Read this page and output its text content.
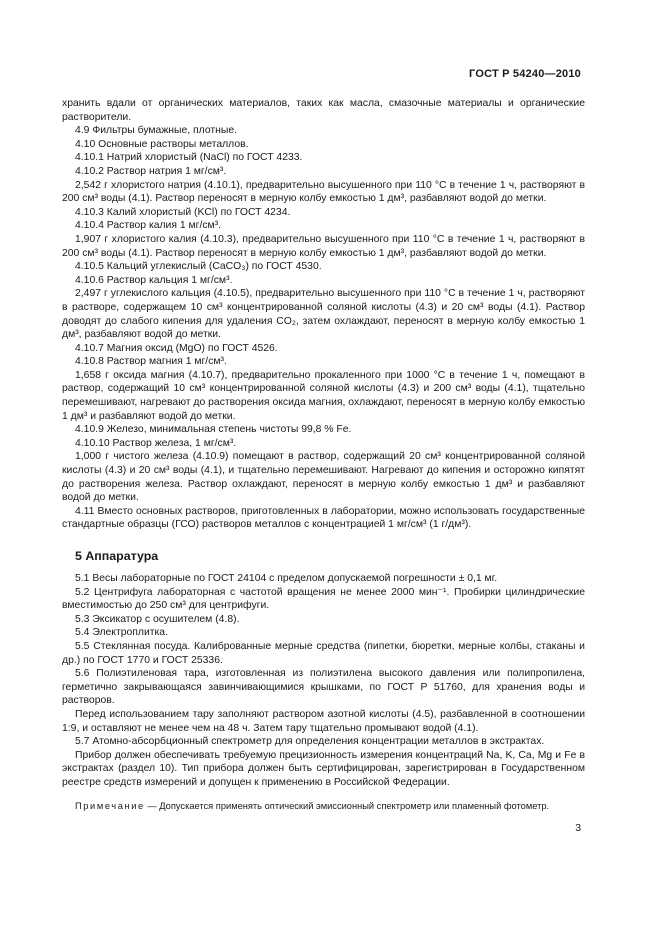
ГОСТ Р 54240—2010

хранить вдали от органических материалов, таких как масла, смазочные материалы и органические растворители.

4.9 Фильтры бумажные, плотные.

4.10 Основные растворы металлов.

4.10.1 Натрий хлористый (NaCl) по ГОСТ 4233.

4.10.2 Раствор натрия 1 мг/см³.

2,542 г хлористого натрия (4.10.1), предварительно высушенного при 110 °С в течение 1 ч, растворяют в 200 см³ воды (4.1). Раствор переносят в мерную колбу емкостью 1 дм³, разбавляют водой до метки.

4.10.3 Калий хлористый (KCl) по ГОСТ 4234.

4.10.4 Раствор калия 1 мг/см³.

1,907 г хлористого калия (4.10.3), предварительно высушенного при 110 °С в течение 1 ч, растворяют в 200 см³ воды (4.1). Раствор переносят в мерную колбу емкостью 1 дм³, разбавляют водой до метки.

4.10.5 Кальций углекислый (CaCO₃) по ГОСТ 4530.

4.10.6 Раствор кальция 1 мг/см³.

2,497 г углекислого кальция (4.10.5), предварительно высушенного при 110 °С в течение 1 ч, растворяют в растворе, содержащем 10 см³ концентрированной соляной кислоты (4.3) и 20 см³ воды (4.1). Раствор доводят до слабого кипения для удаления CO₂, затем охлаждают, переносят в мерную колбу емкостью 1 дм³, разбавляют водой до метки.

4.10.7 Магния оксид (MgO) по ГОСТ 4526.

4.10.8 Раствор магния 1 мг/см³.

1,658 г оксида магния (4.10.7), предварительно прокаленного при 1000 °С в течение 1 ч, помещают в раствор, содержащий 10 см³ концентрированной соляной кислоты (4.3) и 200 см³ воды (4.1), тщательно перемешивают, нагревают до растворения оксида магния, охлаждают, переносят в мерную колбу емкостью 1 дм³ и разбавляют водой до метки.

4.10.9 Железо, минимальная степень чистоты 99,8 % Fe.

4.10.10 Раствор железа, 1 мг/см³.

1,000 г чистого железа (4.10.9) помещают в раствор, содержащий 20 см³ концентрированной соляной кислоты (4.3) и 20 см³ воды (4.1), и тщательно перемешивают. Нагревают до кипения и осторожно кипятят до растворения железа. Раствор охлаждают, переносят в мерную колбу емкостью 1 дм³ и разбавляют водой до метки.

4.11 Вместо основных растворов, приготовленных в лаборатории, можно использовать государственные стандартные образцы (ГСО) растворов металлов с концентрацией 1 мг/см³ (1 г/дм³).

5 Аппаратура

5.1 Весы лабораторные по ГОСТ 24104 с пределом допускаемой погрешности ± 0,1 мг.

5.2 Центрифуга лабораторная с частотой вращения не менее 2000 мин⁻¹. Пробирки цилиндрические вместимостью до 250 см³ для центрифуги.

5.3 Эксикатор с осушителем (4.8).

5.4 Электроплитка.

5.5 Стеклянная посуда. Калиброванные мерные средства (пипетки, бюретки, мерные колбы, стаканы и др.) по ГОСТ 1770 и ГОСТ 25336.

5.6 Полиэтиленовая тара, изготовленная из полиэтилена высокого давления или полипропилена, герметично закрывающаяся завинчивающимися крышками, по ГОСТ Р 51760, для хранения воды и растворов.

Перед использованием тару заполняют раствором азотной кислоты (4.5), разбавленной в соотношении 1:9, и оставляют не менее чем на 48 ч. Затем тару тщательно промывают водой (4.1).

5.7 Атомно-абсорбционный спектрометр для определения концентрации металлов в экстрактах.

Прибор должен обеспечивать требуемую прецизионность измерения концентраций Na, K, Ca, Mg и Fe в экстрактах (раздел 10). Тип прибора должен быть сертифицирован, зарегистрирован в Государственном реестре средств измерений и допущен к применению в Российской Федерации.

Примечание — Допускается применять оптический эмиссионный спектрометр или пламенный фотометр.
3
